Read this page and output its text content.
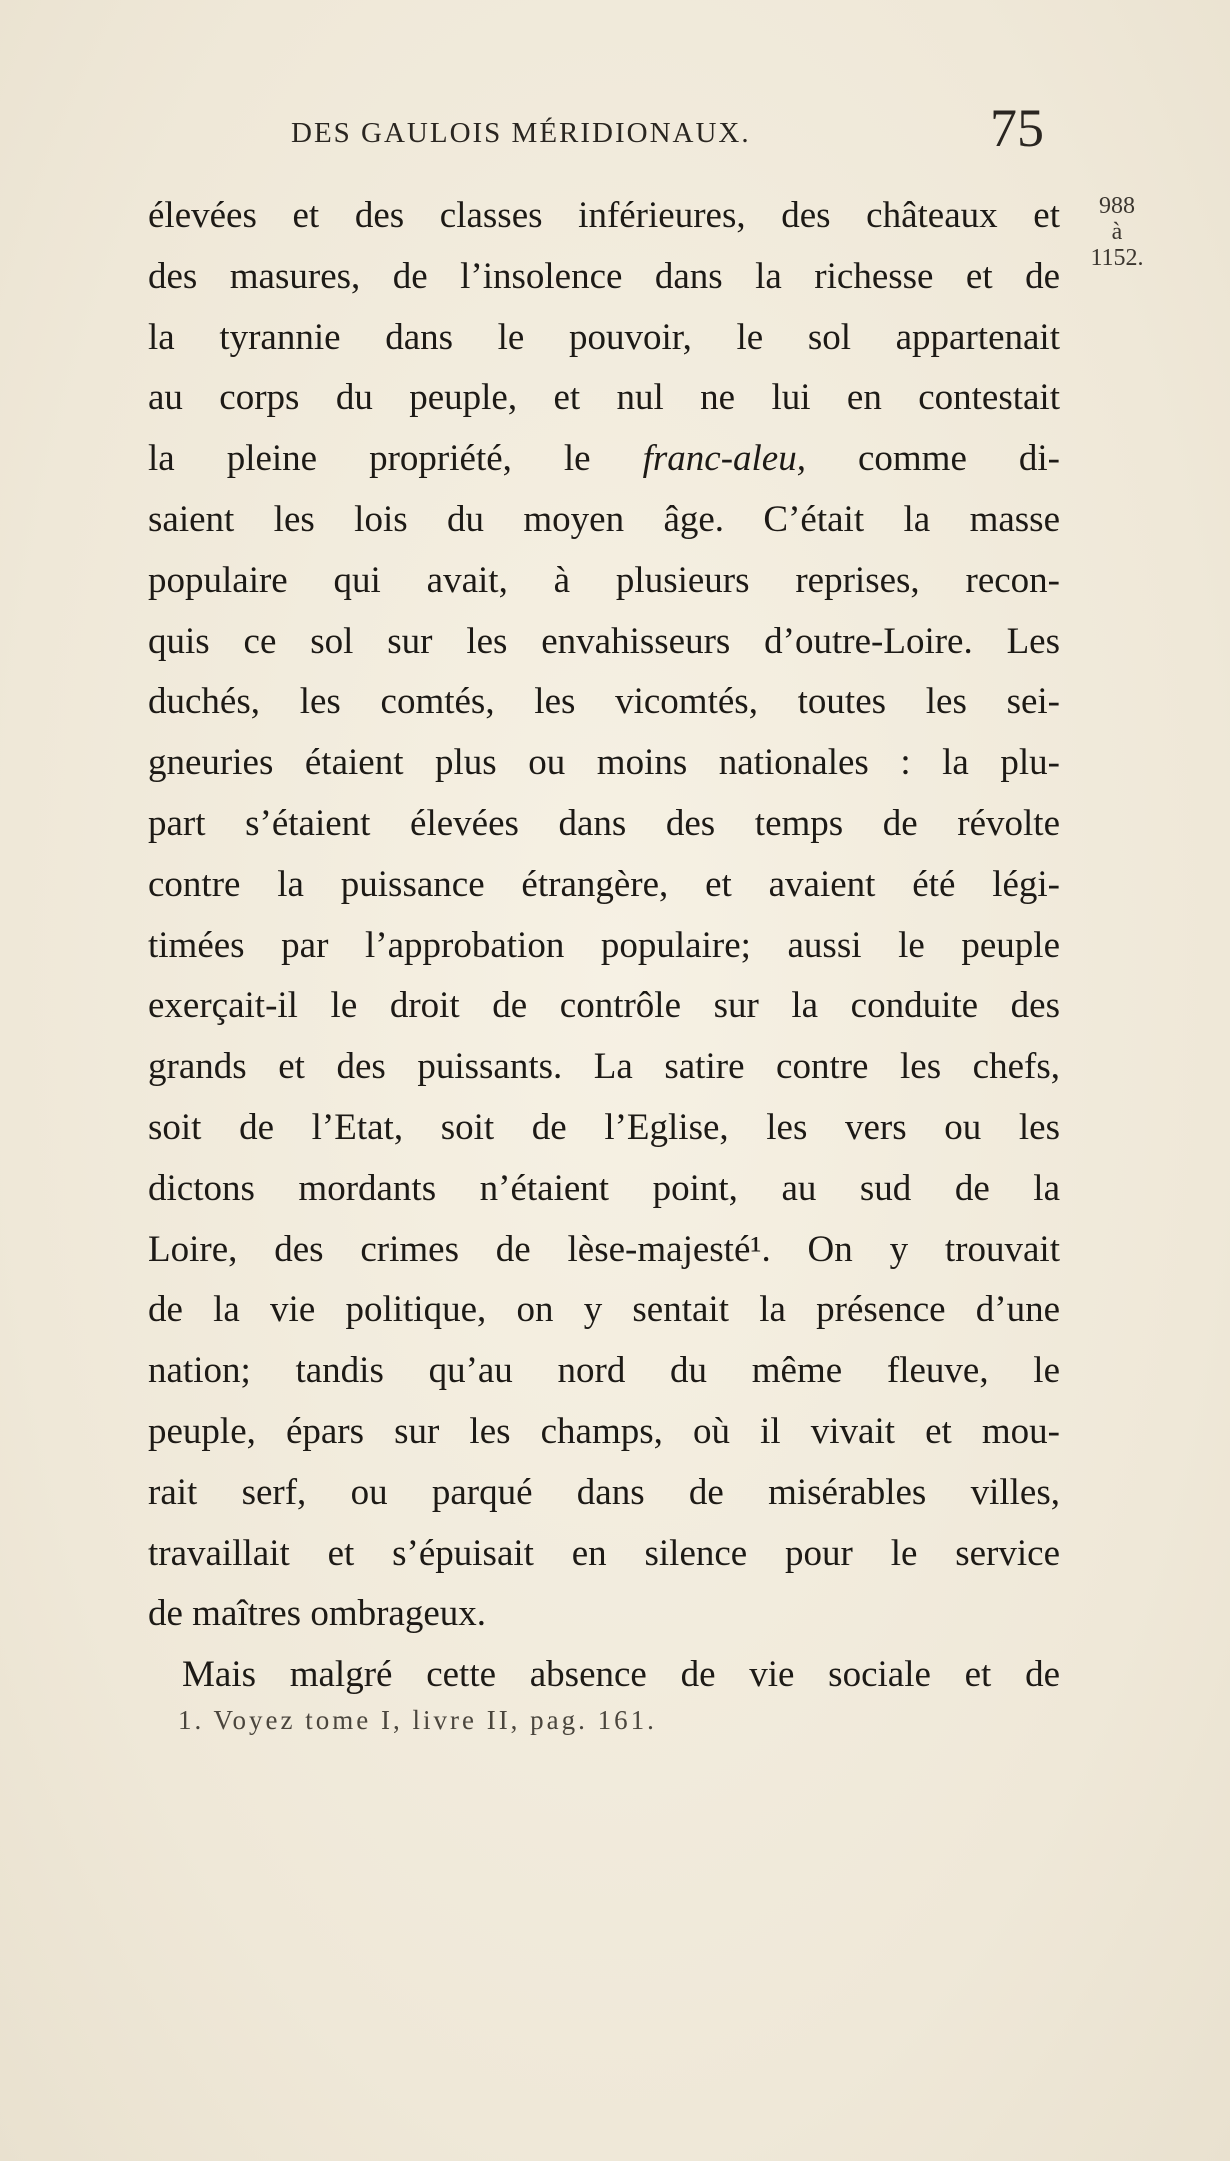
DES GAULOIS MÉRIDIONAUX.	75
988
à
1152.
élevées et des classes inférieures, des châteaux et
des masures, de l’insolence dans la richesse et de
la tyrannie dans le pouvoir, le sol appartenait
au corps du peuple, et nul ne lui en contestait
la pleine propriété, le franc-aleu, comme di-
saient les lois du moyen âge. C’était la masse
populaire qui avait, à plusieurs reprises, recon-
quis ce sol sur les envahisseurs d’outre-Loire. Les
duchés, les comtés, les vicomtés, toutes les sei-
gneuries étaient plus ou moins nationales : la plu-
part s’étaient élevées dans des temps de révolte
contre la puissance étrangère, et avaient été légi-
timées par l’approbation populaire; aussi le peuple
exerçait-il le droit de contrôle sur la conduite des
grands et des puissants. La satire contre les chefs,
soit de l’Etat, soit de l’Eglise, les vers ou les
dictons mordants n’étaient point, au sud de la
Loire, des crimes de lèse-majesté¹. On y trouvait
de la vie politique, on y sentait la présence d’une
nation; tandis qu’au nord du même fleuve, le
peuple, épars sur les champs, où il vivait et mou-
rait serf, ou parqué dans de misérables villes,
travaillait et s’épuisait en silence pour le service
de maîtres ombrageux.
Mais malgré cette absence de vie sociale et de
1. Voyez tome I, livre II, pag. 161.
